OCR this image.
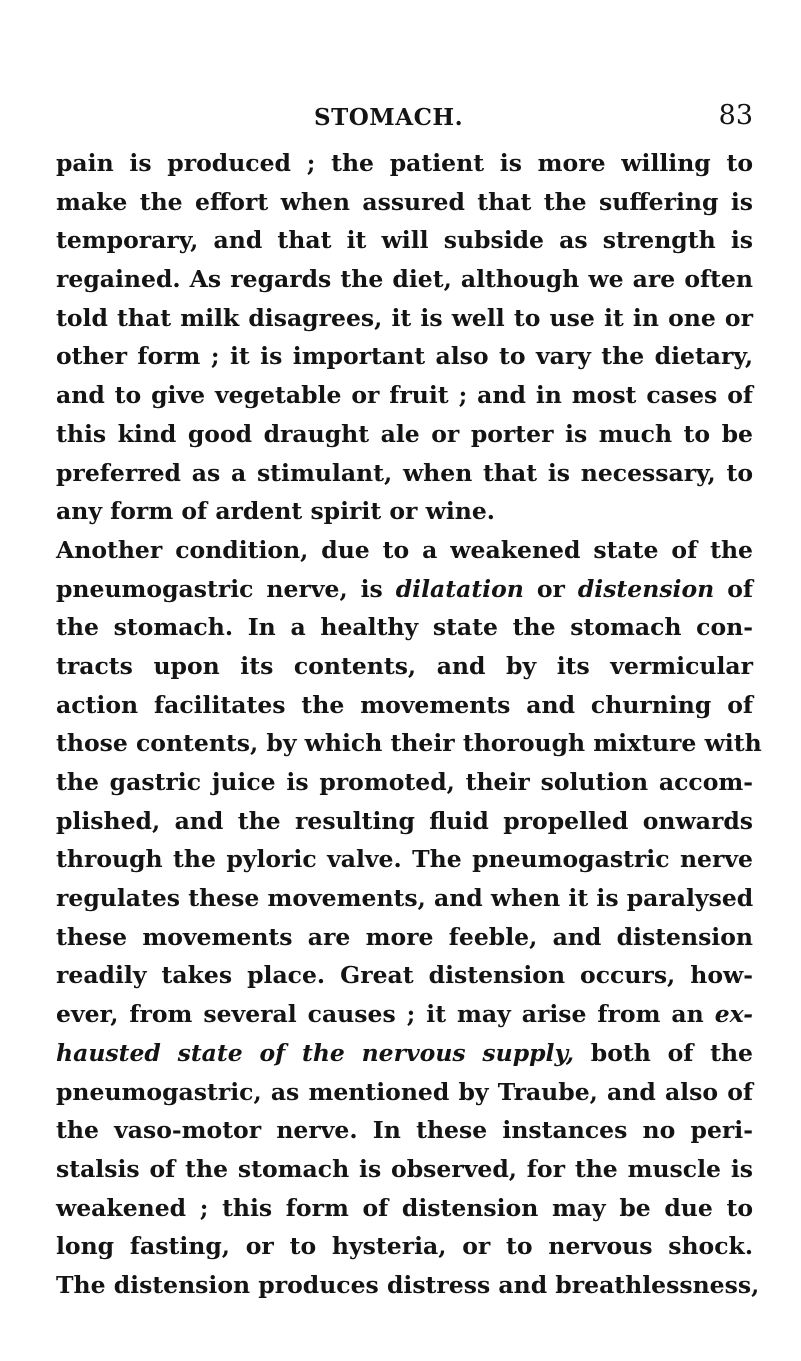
STOMACH.	83
pain is produced ; the patient is more willing to
make the effort when assured that the suffering is
temporary, and that it will subside as strength is
regained. As regards the diet, although we are often
told that milk disagrees, it is well to use it in one or
other form ; it is important also to vary the dietary,
and to give vegetable or fruit ; and in most cases of
this kind good draught ale or porter is much to be
preferred as a stimulant, when that is necessary, to
any form of ardent spirit or wine.
Another condition, due to a weakened state of the
pneumogastric nerve, is dilatation or distension of
the stomach. In a healthy state the stomach con-
tracts upon its contents, and by its vermicular
action facilitates the movements and churning of
those contents, by which their thorough mixture with
the gastric juice is promoted, their solution accom-
plished, and the resulting fluid propelled onwards
through the pyloric valve. The pneumogastric nerve
regulates these movements, and when it is paralysed
these movements are more feeble, and distension
readily takes place. Great distension occurs, how-
ever, from several causes ; it may arise from an ex-
hausted state of the nervous supply, both of the
pneumogastric, as mentioned by Traube, and also of
the vaso-motor nerve. In these instances no peri-
stalsis of the stomach is observed, for the muscle is
weakened ; this form of distension may be due to
long fasting, or to hysteria, or to nervous shock.
The distension produces distress and breathlessness,
